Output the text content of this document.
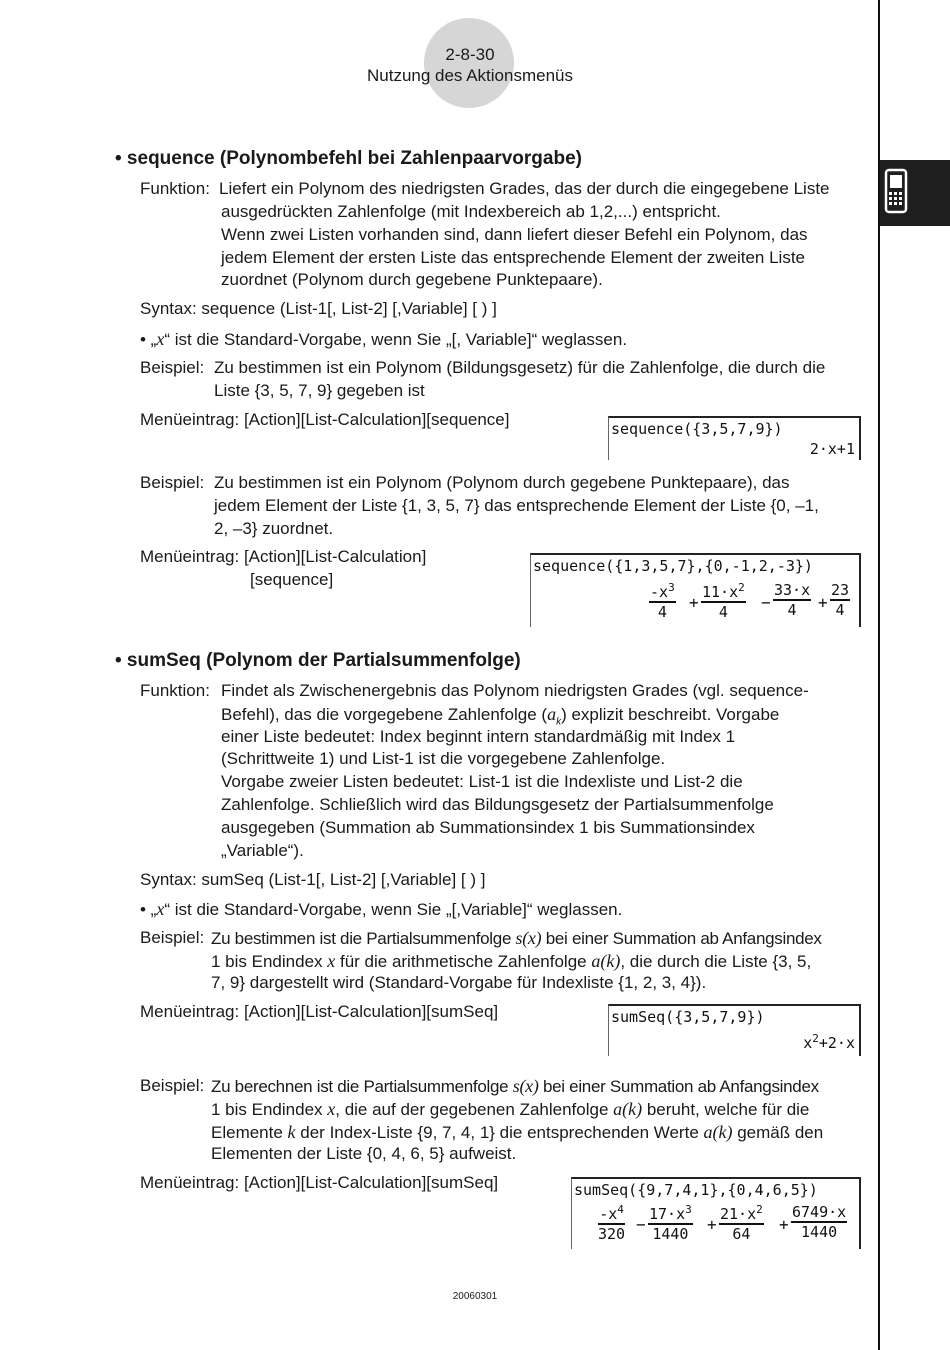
2-8-30
Nutzung des Aktionsmenüs
• sequence (Polynombefehl bei Zahlenpaarvorgabe)
Funktion: Liefert ein Polynom des niedrigsten Grades, das der durch die eingegebene Liste
ausgedrückten Zahlenfolge (mit Indexbereich ab 1,2,...) entspricht.
Wenn zwei Listen vorhanden sind, dann liefert dieser Befehl ein Polynom, das
jedem Element der ersten Liste das entsprechende Element der zweiten Liste
zuordnet (Polynom durch gegebene Punktepaare).
Syntax: sequence (List-1[, List-2] [,Variable] [ ) ]
• „x“ ist die Standard-Vorgabe, wenn Sie „[, Variable]“ weglassen.
Beispiel: Zu bestimmen ist ein Polynom (Bildungsgesetz) für die Zahlenfolge, die durch die
Liste {3, 5, 7, 9} gegeben ist
Menüeintrag: [Action][List-Calculation][sequence]	sequence({3,5,7,9})
2·x+1
Beispiel: Zu bestimmen ist ein Polynom (Polynom durch gegebene Punktepaare), das
jedem Element der Liste {1, 3, 5, 7} das entsprechende Element der Liste {0, –1,
2, –3} zuordnet.
Menüeintrag: [Action][List-Calculation]
[sequence]
sequence({1,3,5,7},{0,-1,2,-3})
$\frac{-x^3}{4} + \frac{11\cdot x^2}{4} - \frac{33\cdot x}{4} + \frac{23}{4}$
• sumSeq (Polynom der Partialsummenfolge)
Funktion: Findet als Zwischenergebnis das Polynom niedrigsten Grades (vgl. sequence-
Befehl), das die vorgegebene Zahlenfolge $(a_k)$ explizit beschreibt. Vorgabe
einer Liste bedeutet: Index beginnt intern standardmäßig mit Index 1
(Schrittweite 1) und List-1 ist die vorgegebene Zahlenfolge.
Vorgabe zweier Listen bedeutet: List-1 ist die Indexliste und List-2 die
Zahlenfolge. Schließlich wird das Bildungsgesetz der Partialsummenfolge
ausgegeben (Summation ab Summationsindex 1 bis Summationsindex
„Variable“).
Syntax: sumSeq (List-1[, List-2] [,Variable] [ ) ]
• „x“ ist die Standard-Vorgabe, wenn Sie „[,Variable]“ weglassen.
Beispiel: Zu bestimmen ist die Partialsummenfolge s(x) bei einer Summation ab Anfangsindex
1 bis Endindex x für die arithmetische Zahlenfolge a(k), die durch die Liste {3, 5,
7, 9} dargestellt wird (Standard-Vorgabe für Indexliste {1, 2, 3, 4}).
Menüeintrag: [Action][List-Calculation][sumSeq]	sumSeq({3,5,7,9})
$x^2+2\cdot x$
Beispiel: Zu berechnen ist die Partialsummenfolge s(x) bei einer Summation ab Anfangsindex
1 bis Endindex x, die auf der gegebenen Zahlenfolge a(k) beruht, welche für die
Elemente k der Index-Liste {9, 7, 4, 1} die entsprechenden Werte a(k) gemäß den
Elementen der Liste {0, 4, 6, 5} aufweist.
Menüeintrag: [Action][List-Calculation][sumSeq]	sumSeq({9,7,4,1},{0,4,6,5})
$\frac{-x^4}{320} - \frac{17\cdot x^3}{1440} + \frac{21\cdot x^2}{64} + \frac{6749\cdot x}{1440}$
20060301
